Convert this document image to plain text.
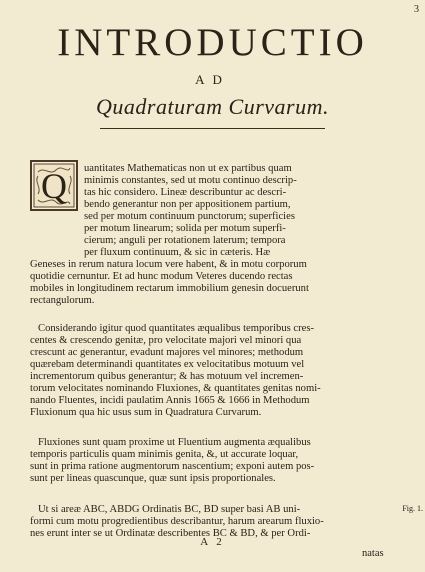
3
INTRODUCTIO
AD
Quadraturam Curvarum.
Q uantitates Mathematicas non ut ex partibus quam
minimis constantes, sed ut motu continuo descrip-
tas hic considero. Lineæ describuntur ac descri-
bendo generantur non per appositionem partium,
sed per motum continuum punctorum; superficies
per motum linearum; solida per motum superfi-
cierum; anguli per rotationem laterum; tempora
per fluxum continuum, & sic in cæteris. Hæ
Geneses in rerum natura locum vere habent, & in motu corporum
quotidie cernuntur. Et ad hunc modum Veteres ducendo rectas
mobiles in longitudinem rectarum immobilium genesin docuerunt
rectangulorum.
Considerando igitur quod quantitates æqualibus temporibus cres-
centes & crescendo genitæ, pro velocitate majori vel minori qua
crescunt ac generantur, evadunt majores vel minores; methodum
quærebam determinandi quantitates ex velocitatibus motuum vel
incrementorum quibus generantur; & has motuum vel incremen-
torum velocitates nominando Fluxiones, & quantitates genitas nomi-
nando Fluentes, incidi paulatim Annis 1665 & 1666 in Methodum
Fluxionum qua hic usus sum in Quadratura Curvarum.
Fluxiones sunt quam proxime ut Fluentium augmenta æqualibus
temporis particulis quam minimis genita, &, ut accurate loquar,
sunt in prima ratione augmentorum nascentium; exponi autem pos-
sunt per lineas quascunque, quæ sunt ipsis proportionales.
Ut si areæ ABC, ABDG Ordinatis BC, BD super basi AB uni-
formi cum motu progredientibus describantur, harum arearum fluxio-
nes erunt inter se ut Ordinatæ describentes BC & BD, & per Ordi-
Fig. 1.
A 2
natas
